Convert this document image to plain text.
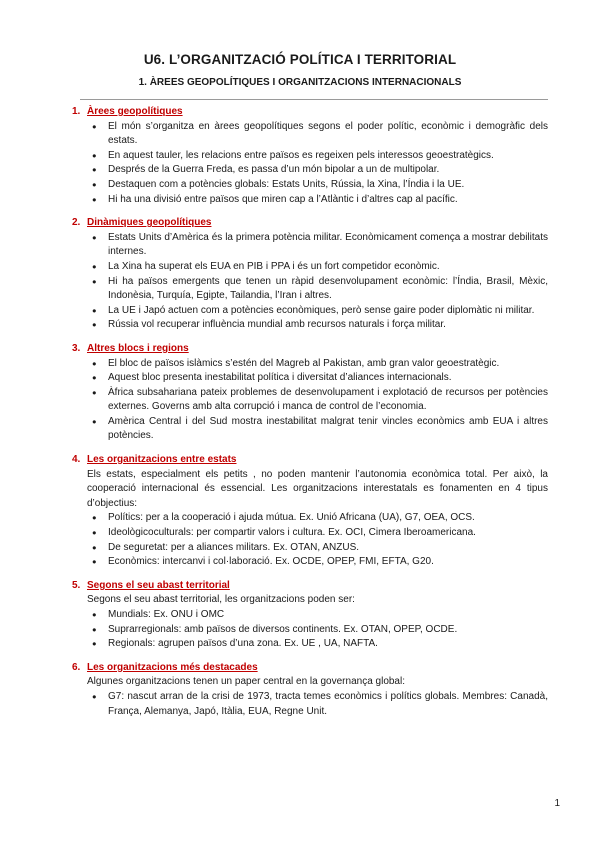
U6. L’ORGANITZACIÓ POLÍTICA I TERRITORIAL
1. ÀREES GEOPOLÍTIQUES I ORGANITZACIONS INTERNACIONALS
1. Àrees geopolítiques
● El món s’organitza en àrees geopolítiques segons el poder polític, econòmic i demogràfic dels estats.
● En aquest tauler, les relacions entre països es regeixen pels interessos geoestratègics.
● Després de la Guerra Freda, es passa d’un món bipolar a un de multipolar.
● Destaquen com a potències globals: Estats Units, Rússia, la Xina, l’Índia i la UE.
● Hi ha una divisió entre països que miren cap a l’Atlàntic i d’altres cap al pacífic.
2. Dinàmiques geopolítiques
● Estats Units d’Amèrica és la primera potència militar. Econòmicament comença a mostrar debilitats internes.
● La Xina ha superat els EUA en PIB i PPA i és un fort competidor econòmic.
● Hi ha països emergents que tenen un ràpid desenvolupament econòmic: l’Índia, Brasil, Mèxic, Indonèsia, Turquía, Egipte, Tailandia, l’Iran i altres.
● La UE i Japó actuen com a potències econòmiques, però sense gaire poder diplomàtic ni militar.
● Rússia vol recuperar influència mundial amb recursos naturals i força militar.
3. Altres blocs i regions
● El bloc de països islàmics s’estén del Magreb al Pakistan, amb gran valor geoestratègic.
● Aquest bloc presenta inestabilitat política i diversitat d’aliances internacionals.
● Àfrica subsahariana pateix problemes de desenvolupament i explotació de recursos per potències externes. Governs amb alta corrupció i manca de control de l’economia.
● Amèrica Central i del Sud mostra inestabilitat malgrat tenir vincles econòmics amb EUA i altres potències.
4. Les organitzacions entre estats
Els estats, especialment els petits , no poden mantenir l’autonomia econòmica total. Per això, la cooperació internacional és essencial. Les organitzacions interestatals es fonamenten en 4 tipus d’objectius:
● Polítics: per a la cooperació i ajuda mútua. Ex. Unió Africana (UA), G7, OEA, OCS.
● Ideològicoculturals: per compartir valors i cultura. Ex. OCI, Cimera Iberoamericana.
● De seguretat: per a aliances militars. Ex. OTAN, ANZUS.
● Econòmics: intercanvi i col·laboració. Ex. OCDE, OPEP, FMI, EFTA, G20.
5. Segons el seu abast territorial
Segons el seu abast territorial, les organitzacions poden ser:
● Mundials: Ex. ONU i OMC
● Suprarregionals: amb països de diversos continents. Ex. OTAN, OPEP, OCDE.
● Regionals: agrupen països d’una zona. Ex. UE , UA, NAFTA.
6. Les organitzacions més destacades
Algunes organitzacions tenen un paper central en la governança global:
● G7: nascut arran de la crisi de 1973, tracta temes econòmics i polítics globals. Membres: Canadà, França, Alemanya, Japó, Itàlia, EUA, Regne Unit.
1
